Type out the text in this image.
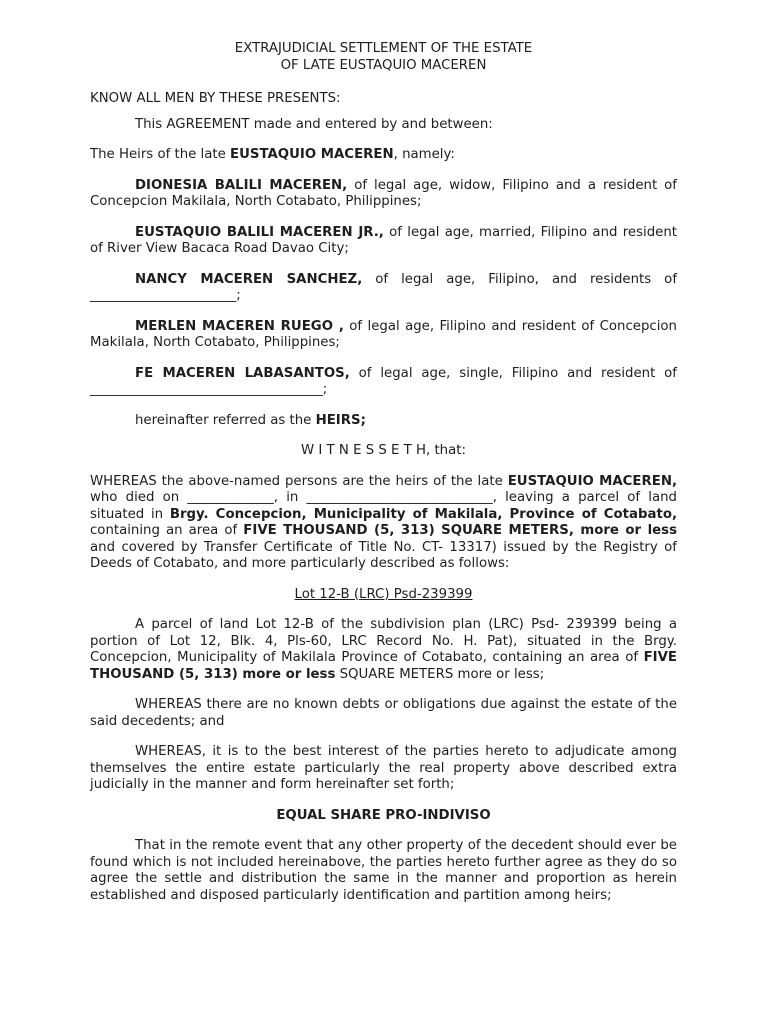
EXTRAJUDICIAL SETTLEMENT OF THE ESTATE

OF LATE EUSTAQUIO MACEREN

KNOW ALL MEN BY THESE PRESENTS:

This AGREEMENT made and entered by and between:

The Heirs of the late EUSTAQUIO MACEREN, namely:

DIONESIA BALILI MACEREN, of legal age, widow, Filipino and a resident of Concepcion Makilala, North Cotabato, Philippines;

EUSTAQUIO BALILI MACEREN JR., of legal age, married, Filipino and resident of River View Bacaca Road Davao City;

NANCY MACEREN SANCHEZ, of legal age, Filipino, and residents of ______________________;

MERLEN MACEREN RUEGO , of legal age, Filipino and resident of Concepcion Makilala, North Cotabato, Philippines;

FE MACEREN LABASANTOS, of legal age, single, Filipino and resident of ___________________________________;

hereinafter referred as the HEIRS;

W I T N E S S E T H, that:

WHEREAS the above-named persons are the heirs of the late EUSTAQUIO MACEREN, who died on _____________, in ____________________________, leaving a parcel of land situated in Brgy. Concepcion, Municipality of Makilala, Province of Cotabato, containing an area of FIVE THOUSAND (5, 313) SQUARE METERS, more or less and covered by Transfer Certificate of Title No. CT- 13317) issued by the Registry of Deeds of Cotabato, and more particularly described as follows:

Lot 12-B (LRC) Psd-239399

A parcel of land Lot 12-B of the subdivision plan (LRC) Psd- 239399 being a portion of Lot 12, Blk. 4, Pls-60, LRC Record No. H. Pat), situated in the Brgy. Concepcion, Municipality of Makilala Province of Cotabato, containing an area of FIVE THOUSAND (5, 313) more or less SQUARE METERS more or less;

WHEREAS there are no known debts or obligations due against the estate of the said decedents; and

WHEREAS, it is to the best interest of the parties hereto to adjudicate among themselves the entire estate particularly the real property above described extra judicially in the manner and form hereinafter set forth;

EQUAL SHARE PRO-INDIVISO

That in the remote event that any other property of the decedent should ever be found which is not included hereinabove, the parties hereto further agree as they do so agree the settle and distribution the same in the manner and proportion as herein established and disposed particularly identification and partition among heirs;
